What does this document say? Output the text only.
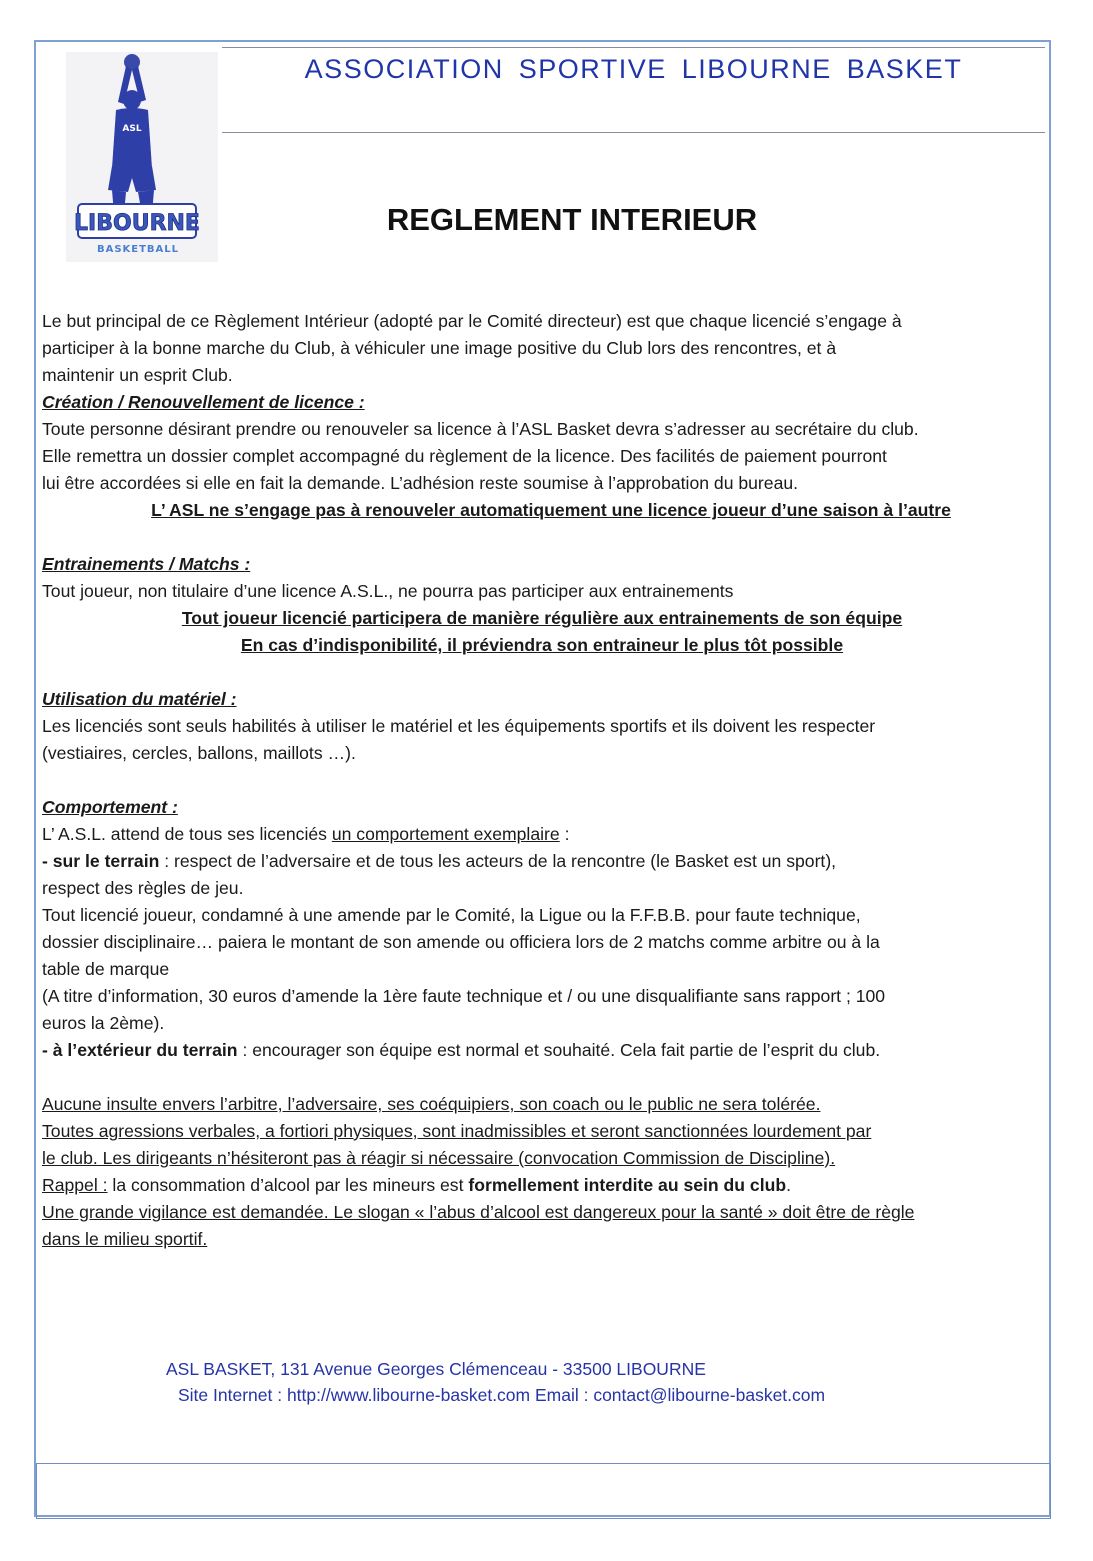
ASL
LIBOURNE
BASKETBALL
ASSOCIATION SPORTIVE LIBOURNE BASKET
REGLEMENT INTERIEUR

Le but principal de ce Règlement Intérieur (adopté par le Comité directeur) est que chaque licencié s’engage à

participer à la bonne marche du Club, à véhiculer une image positive du Club lors des rencontres, et à

maintenir un esprit Club.

Création / Renouvellement de licence :

Toute personne désirant prendre ou renouveler sa licence à l’ASL Basket devra s’adresser au secrétaire du club.

Elle remettra un dossier complet accompagné du règlement de la licence. Des facilités de paiement pourront

lui être accordées si elle en fait la demande. L’adhésion reste soumise à l’approbation du bureau.

L’ ASL ne s’engage pas à renouveler automatiquement une licence joueur d’une saison à l’autre

Entrainements / Matchs :

Tout joueur, non titulaire d’une licence A.S.L., ne pourra pas participer aux entrainements

Tout joueur licencié participera de manière régulière aux entrainements de son équipe

En cas d’indisponibilité, il préviendra son entraineur le plus tôt possible

Utilisation du matériel :

Les licenciés sont seuls habilités à utiliser le matériel et les équipements sportifs et ils doivent les respecter

(vestiaires, cercles, ballons, maillots …).

Comportement :

L’ A.S.L. attend de tous ses licenciés un comportement exemplaire :

- sur le terrain : respect de l’adversaire et de tous les acteurs de la rencontre (le Basket est un sport),

respect des règles de jeu.

Tout licencié joueur, condamné à une amende par le Comité, la Ligue ou la F.F.B.B. pour faute technique,

dossier disciplinaire… paiera le montant de son amende ou officiera lors de 2 matchs comme arbitre ou à la

table de marque

(A titre d’information, 30 euros d’amende la 1ère faute technique et / ou une disqualifiante sans rapport ; 100

euros la 2ème).

- à l’extérieur du terrain : encourager son équipe est normal et souhaité. Cela fait partie de l’esprit du club.

Aucune insulte envers l’arbitre, l’adversaire, ses coéquipiers, son coach ou le public ne sera tolérée.

Toutes agressions verbales, a fortiori physiques, sont inadmissibles et seront sanctionnées lourdement par

le club. Les dirigeants n’hésiteront pas à réagir si nécessaire (convocation Commission de Discipline).

Rappel : la consommation d’alcool par les mineurs est formellement interdite au sein du club.

Une grande vigilance est demandée. Le slogan « l’abus d’alcool est dangereux pour la santé » doit être de règle

dans le milieu sportif.

ASL BASKET, 131 Avenue Georges Clémenceau - 33500 LIBOURNE
Site Internet : http://www.libourne-basket.com Email : contact@libourne-basket.com
